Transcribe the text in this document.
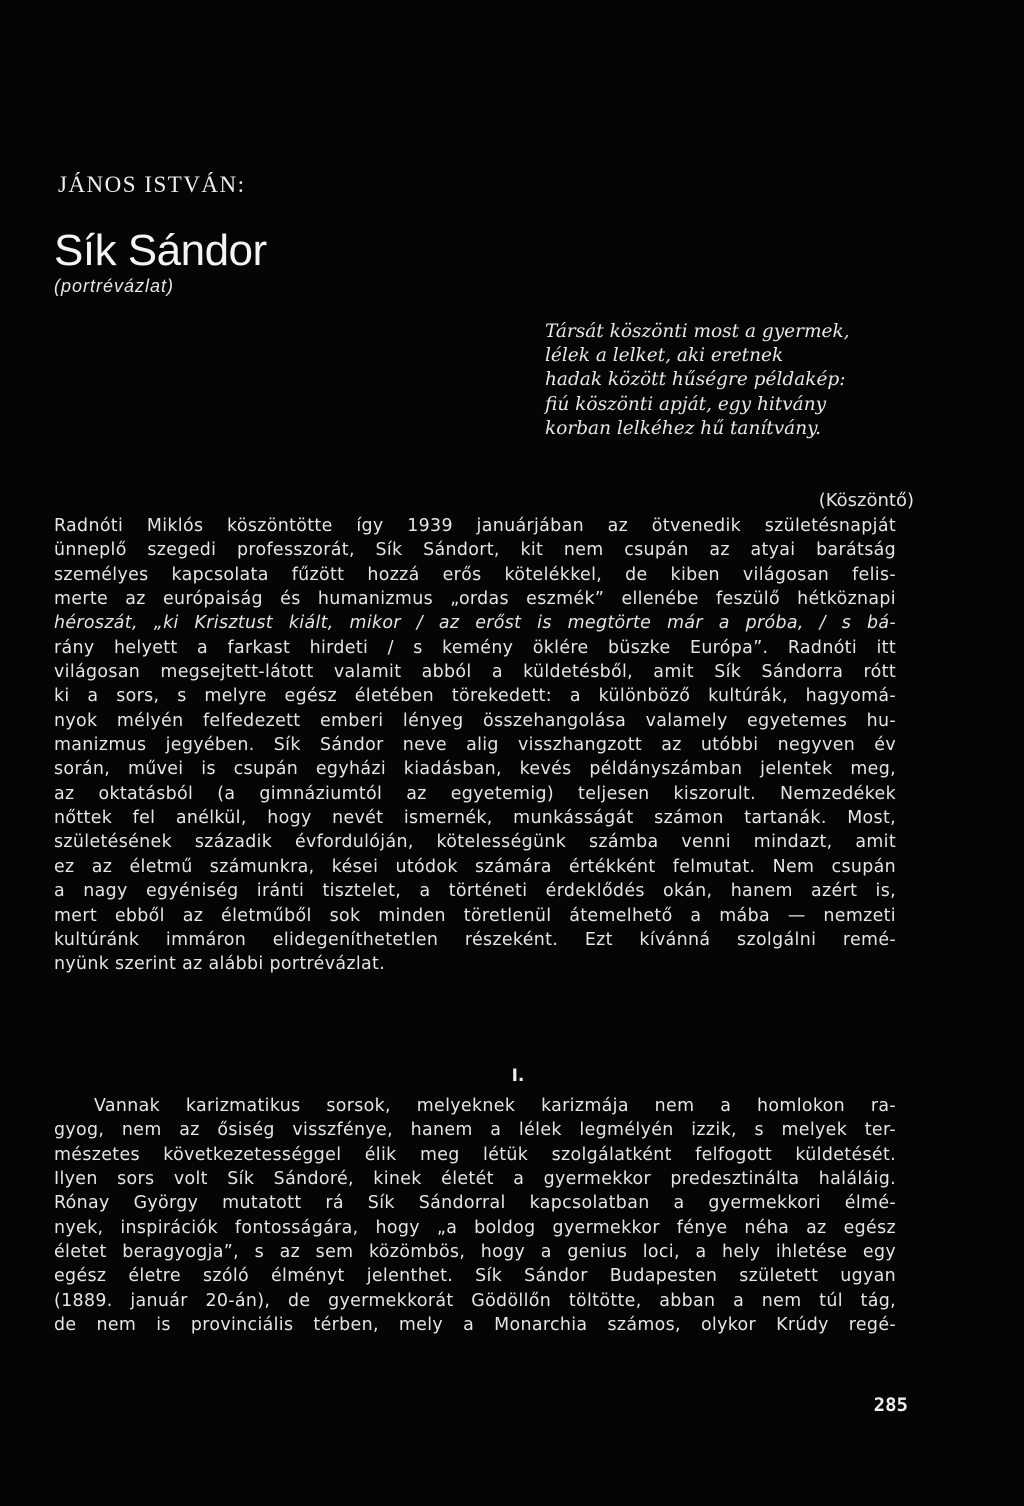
JÁNOS ISTVÁN:
Sík Sándor
(portrévázlat)
Társát köszönti most a gyermek,
lélek a lelket, aki eretnek
hadak között hűségre példakép:
fiú köszönti apját, egy hitvány
korban lelkéhez hű tanítvány.
(Köszöntő)
Radnóti Miklós köszöntötte így 1939 januárjában az ötvenedik születésnapját
ünneplő szegedi professzorát, Sík Sándort, kit nem csupán az atyai barátság
személyes kapcsolata fűzött hozzá erős kötelékkel, de kiben világosan felis-
merte az európaiság és humanizmus „ordas eszmék” ellenébe feszülő hétköznapi
héroszát, „ki Krisztust kiált, mikor / az erőst is megtörte már a próba, / s bá-
rány helyett a farkast hirdeti / s kemény öklére büszke Európa”. Radnóti itt
világosan megsejtett-látott valamit abból a küldetésből, amit Sík Sándorra rótt
ki a sors, s melyre egész életében törekedett: a különböző kultúrák, hagyomá-
nyok mélyén felfedezett emberi lényeg összehangolása valamely egyetemes hu-
manizmus jegyében. Sík Sándor neve alig visszhangzott az utóbbi negyven év
során, művei is csupán egyházi kiadásban, kevés példányszámban jelentek meg,
az oktatásból (a gimnáziumtól az egyetemig) teljesen kiszorult. Nemzedékek
nőttek fel anélkül, hogy nevét ismernék, munkásságát számon tartanák. Most,
születésének századik évfordulóján, kötelességünk számba venni mindazt, amit
ez az életmű számunkra, kései utódok számára értékként felmutat. Nem csupán
a nagy egyéniség iránti tisztelet, a történeti érdeklődés okán, hanem azért is,
mert ebből az életműből sok minden töretlenül átemelhető a mába — nemzeti
kultúránk immáron elidegeníthetetlen részeként. Ezt kívánná szolgálni remé-
nyünk szerint az alábbi portrévázlat.
I.
Vannak karizmatikus sorsok, melyeknek karizmája nem a homlokon ra-
gyog, nem az ősiség visszfénye, hanem a lélek legmélyén izzik, s melyek ter-
mészetes következetességgel élik meg létük szolgálatként felfogott küldetését.
Ilyen sors volt Sík Sándoré, kinek életét a gyermekkor predesztinálta haláláig.
Rónay György mutatott rá Sík Sándorral kapcsolatban a gyermekkori élmé-
nyek, inspirációk fontosságára, hogy „a boldog gyermekkor fénye néha az egész
életet beragyogja”, s az sem közömbös, hogy a genius loci, a hely ihletése egy
egész életre szóló élményt jelenthet. Sík Sándor Budapesten született ugyan
(1889. január 20-án), de gyermekkorát Gödöllőn töltötte, abban a nem túl tág,
de nem is provinciális térben, mely a Monarchia számos, olykor Krúdy regé-
285
